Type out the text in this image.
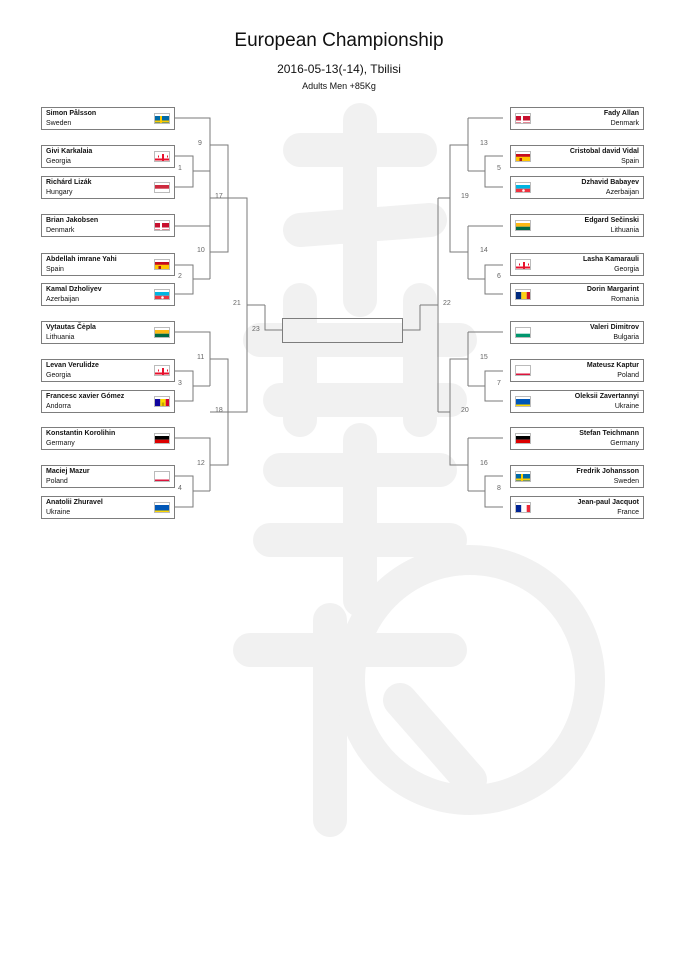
European Championship
2016-05-13(-14), Tbilisi
Adults Men +85Kg
1
2
3
4
9
10
11
12
17
18
21
23
5
6
7
8
13
14
15
16
19
20
22
Simon Pålsson
Sweden
Givi Karkalaia
Georgia
Richárd Lizák
Hungary
Brian Jakobsen
Denmark
Abdellah imrane Yahi
Spain
Kamal Dzholiyev
Azerbaijan
Vytautas Čėpla
Lithuania
Levan Verulidze
Georgia
Francesc xavier Gómez
Andorra
Konstantin Korolihin
Germany
Maciej Mazur
Poland
Anatolii Zhuravel
Ukraine
Fady Allan
Denmark
Cristobal david Vidal
Spain
Dzhavid Babayev
Azerbaijan
Edgard Sečinski
Lithuania
Lasha Kamarauli
Georgia
Dorin Margarint
Romania
Valeri Dimitrov
Bulgaria
Mateusz Kaptur
Poland
Oleksii Zavertannyi
Ukraine
Stefan Teichmann
Germany
Fredrik Johansson
Sweden
Jean-paul Jacquot
France
